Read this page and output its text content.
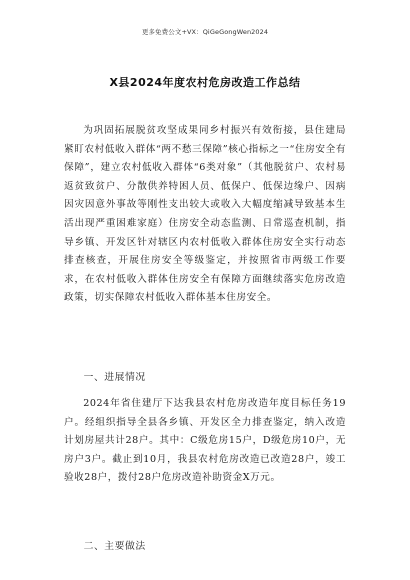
更多免费公文+VX：QiGeGongWen2024
X县2024年度农村危房改造工作总结

为巩固拓展脱贫攻坚成果同乡村振兴有效衔接，县住建局紧盯农村低收入群体“两不愁三保障”核心指标之一“住房安全有保障”，建立农村低收入群体“6类对象”（其他脱贫户、农村易返贫致贫户、分散供养特困人员、低保户、低保边缘户、因病因灾因意外事故等刚性支出较大或收入大幅度缩减导致基本生活出现严重困难家庭）住房安全动态监测、日常巡查机制，指导乡镇、开发区针对辖区内农村低收入群体住房安全实行动态排查核查，开展住房安全等级鉴定，并按照省市两级工作要求，在农村低收入群体住房安全有保障方面继续落实危房改造政策，切实保障农村低收入群体基本住房安全。

一、进展情况

2024年省住建厅下达我县农村危房改造年度目标任务19户。经组织指导全县各乡镇、开发区全力排查鉴定，纳入改造计划房屋共计28户。其中：C级危房15户，D级危房10户，无房户3户。截止到10月，我县农村危房改造已改造28户，竣工验收28户，拨付28户危房改造补助资金X万元。

二、主要做法
